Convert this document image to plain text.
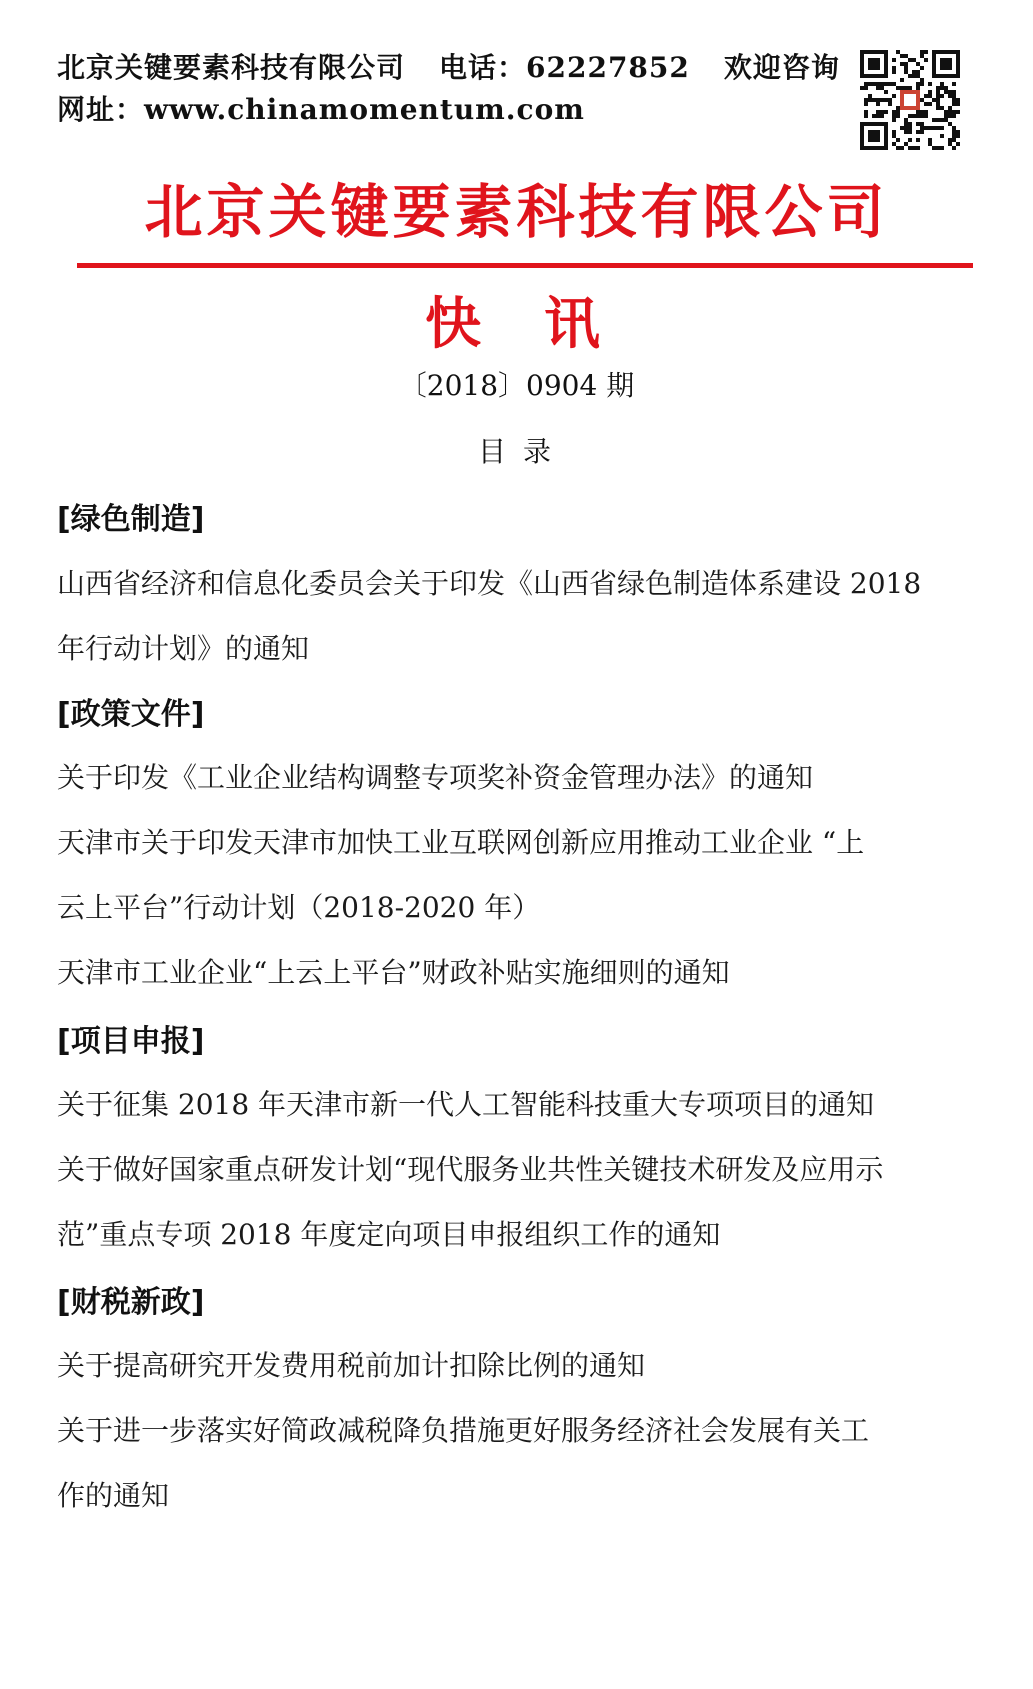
北京关键要素科技有限公司 电话：62227852 欢迎咨询
网址：www.chinamomentum.com
北京关键要素科技有限公司
快  讯
〔2018〕0904 期
目 录
[绿色制造]
山西省经济和信息化委员会关于印发《山西省绿色制造体系建设 2018
年行动计划》的通知
[政策文件]
关于印发《工业企业结构调整专项奖补资金管理办法》的通知
天津市关于印发天津市加快工业互联网创新应用推动工业企业 “上
云上平台”行动计划（2018-2020 年）
天津市工业企业“上云上平台”财政补贴实施细则的通知
[项目申报]
关于征集 2018 年天津市新一代人工智能科技重大专项项目的通知
关于做好国家重点研发计划“现代服务业共性关键技术研发及应用示
范”重点专项 2018 年度定向项目申报组织工作的通知
[财税新政]
关于提高研究开发费用税前加计扣除比例的通知
关于进一步落实好简政减税降负措施更好服务经济社会发展有关工
作的通知
